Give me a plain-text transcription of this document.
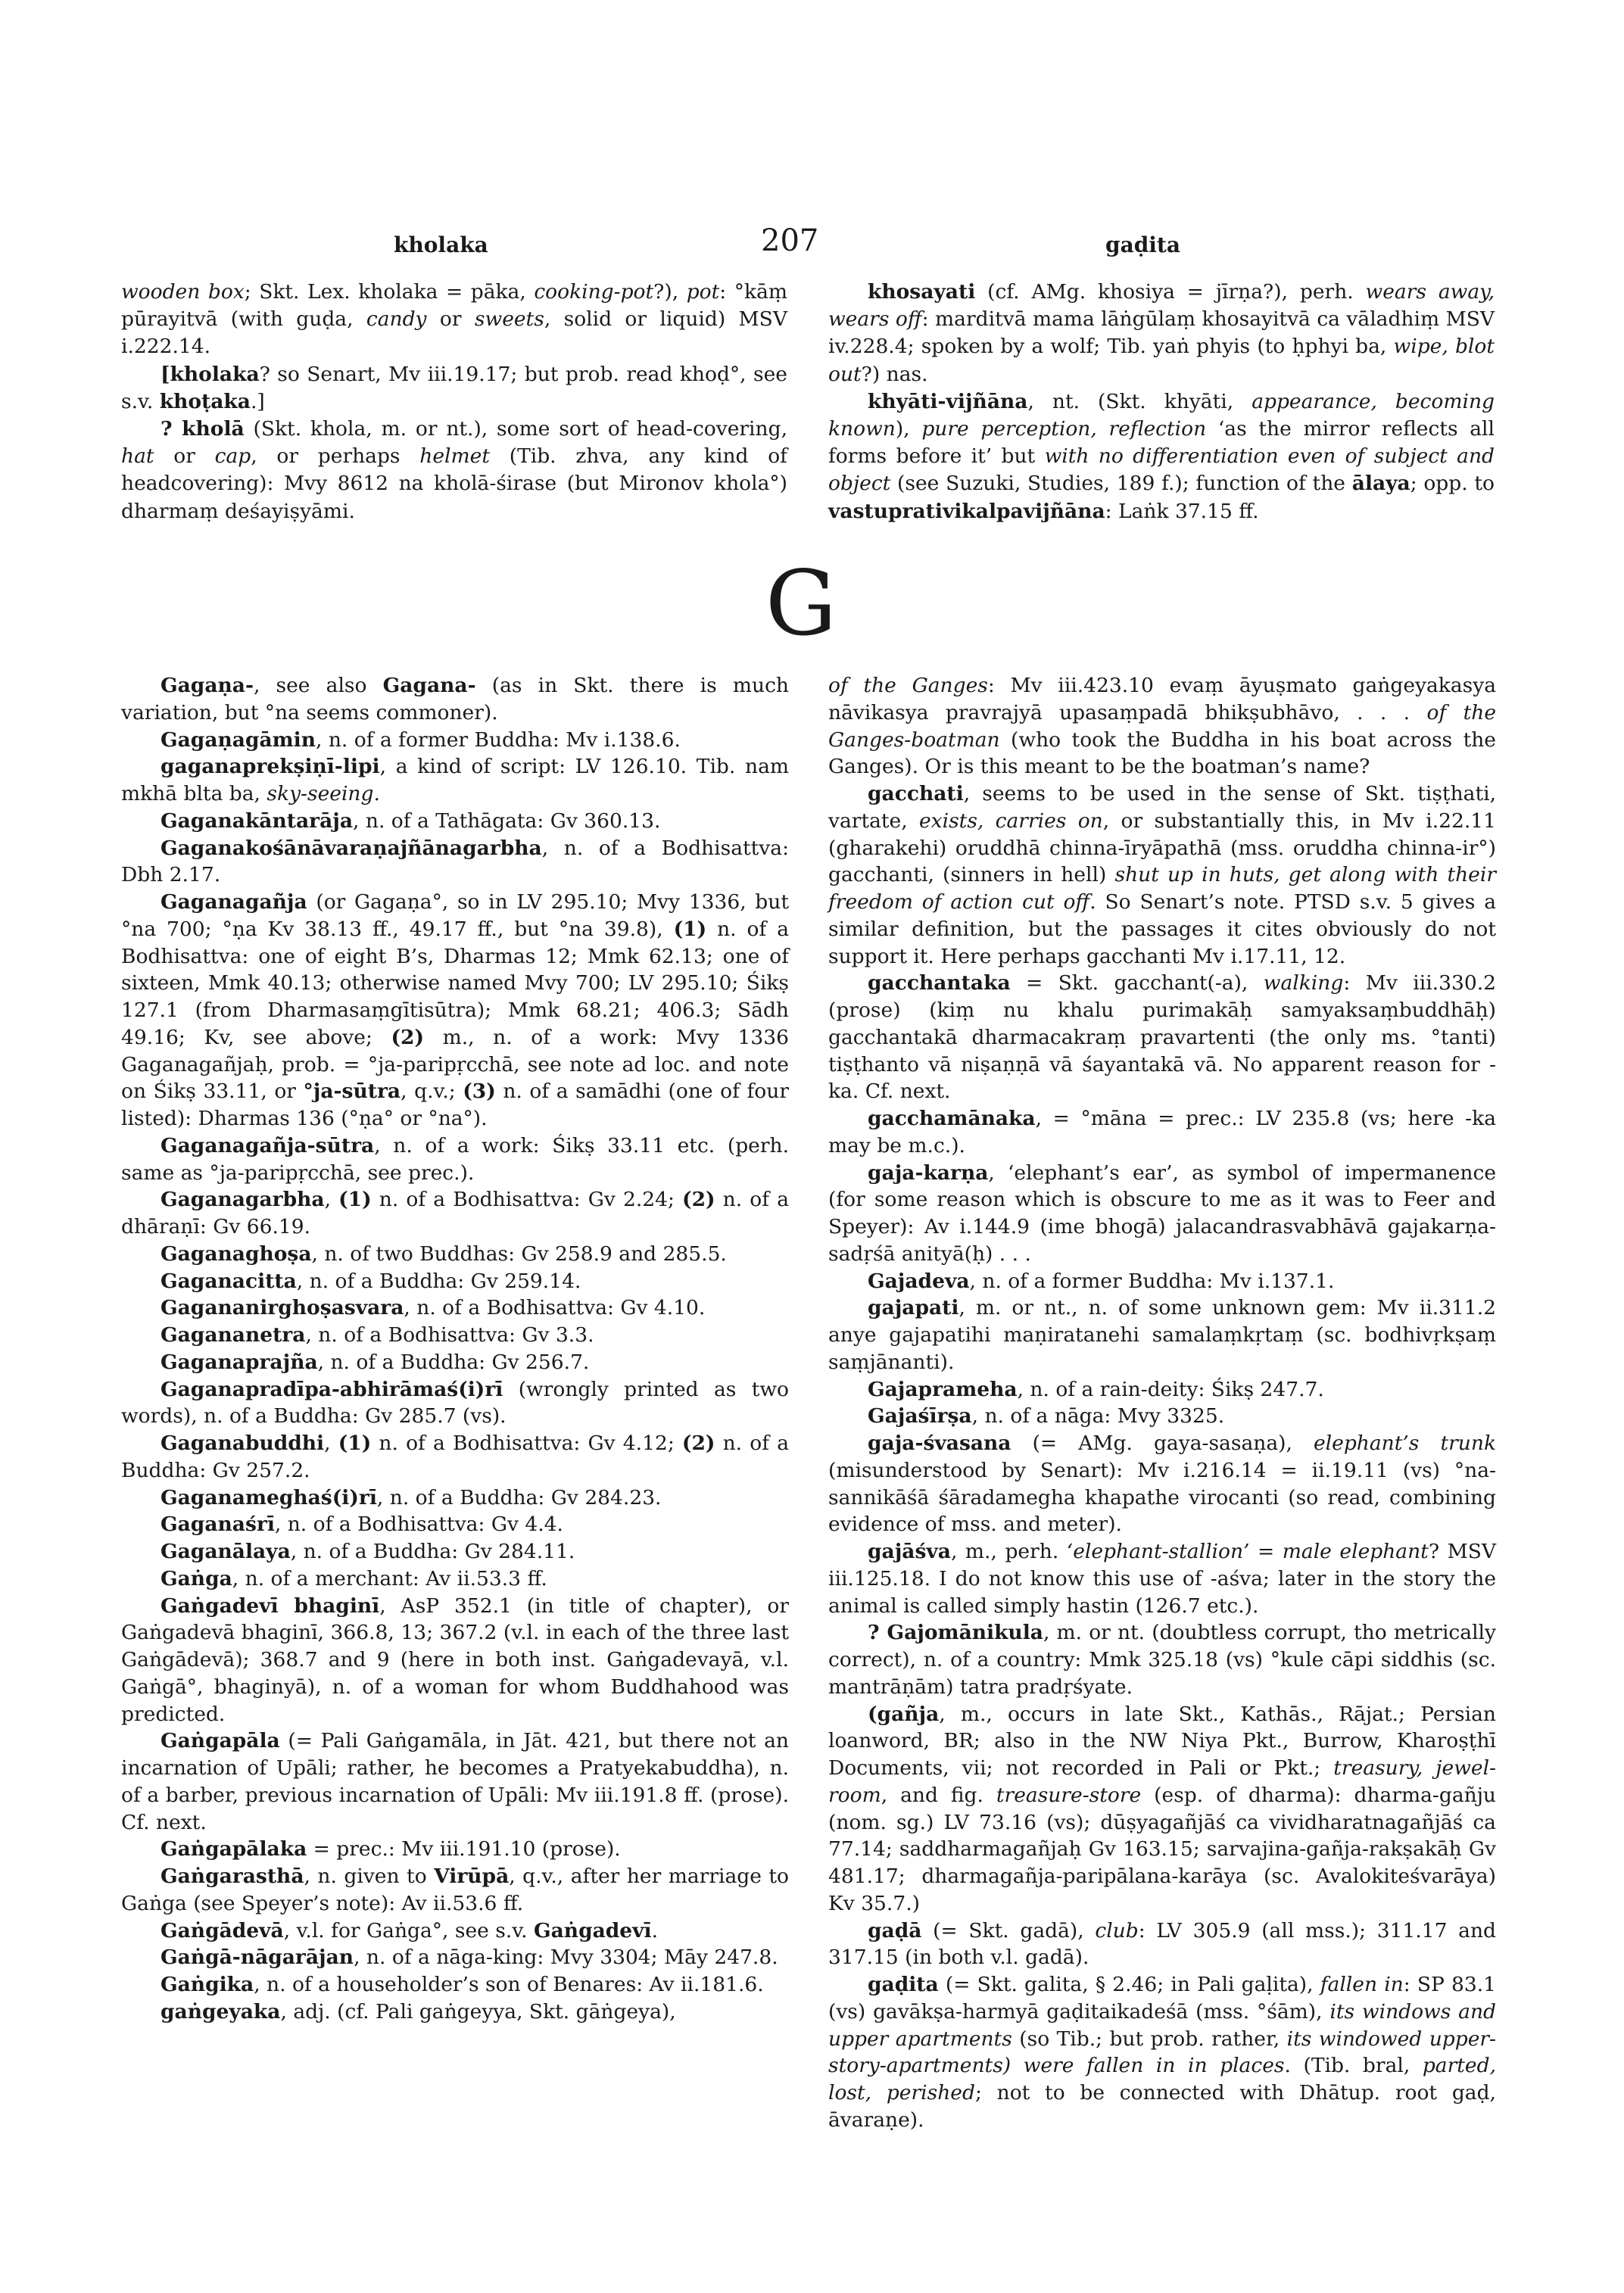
kholaka	207	gaḍita

wooden box; Skt. Lex. kholaka = pāka, cooking-pot?), pot: °kāṃ pūrayitvā (with guḍa, candy or sweets, solid or liquid) MSV i.222.14.

[kholaka? so Senart, Mv iii.19.17; but prob. read khoḍ°, see s.v. khoṭaka.]

? kholā (Skt. khola, m. or nt.), some sort of head-covering, hat or cap, or perhaps helmet (Tib. zhva, any kind of headcovering): Mvy 8612 na kholā-śirase (but Mironov khola°) dharmaṃ deśayiṣyāmi.

khosayati (cf. AMg. khosiya = jīrṇa?), perh. wears away, wears off: marditvā mama lāṅgūlaṃ khosayitvā ca vāladhiṃ MSV iv.228.4; spoken by a wolf; Tib. yaṅ phyis (to ḥphyi ba, wipe, blot out?) nas.

khyāti-vijñāna, nt. (Skt. khyāti, appearance, becoming known), pure perception, reflection ‘as the mirror reflects all forms before it’ but with no differentiation even of subject and object (see Suzuki, Studies, 189 f.); function of the ālaya; opp. to vastuprativikalpavijñāna: Laṅk 37.15 ff.

G

Gagaṇa-, see also Gagana- (as in Skt. there is much variation, but °na seems commoner).

Gagaṇagāmin, n. of a former Buddha: Mv i.138.6.

gaganaprekṣiṇī-lipi, a kind of script: LV 126.10. Tib. nam mkhā blta ba, sky-seeing.

Gaganakāntarāja, n. of a Tathāgata: Gv 360.13.

Gaganakośānāvaraṇajñānagarbha, n. of a Bodhisattva: Dbh 2.17.

Gaganagañja (or Gagaṇa°, so in LV 295.10; Mvy 1336, but °na 700; °ṇa Kv 38.13 ff., 49.17 ff., but °na 39.8), (1) n. of a Bodhisattva: one of eight B’s, Dharmas 12; Mmk 62.13; one of sixteen, Mmk 40.13; otherwise named Mvy 700; LV 295.10; Śikṣ 127.1 (from Dharmasaṃgītisūtra); Mmk 68.21; 406.3; Sādh 49.16; Kv, see above; (2) m., n. of a work: Mvy 1336 Gaganagañjaḥ, prob. = °ja-paripṛcchā, see note ad loc. and note on Śikṣ 33.11, or °ja-sūtra, q.v.; (3) n. of a samādhi (one of four listed): Dharmas 136 (°ṇa° or °na°).

Gaganagañja-sūtra, n. of a work: Śikṣ 33.11 etc. (perh. same as °ja-paripṛcchā, see prec.).

Gaganagarbha, (1) n. of a Bodhisattva: Gv 2.24; (2) n. of a dhāraṇī: Gv 66.19.

Gaganaghoṣa, n. of two Buddhas: Gv 258.9 and 285.5.

Gaganacitta, n. of a Buddha: Gv 259.14.

Gagananirghoṣasvara, n. of a Bodhisattva: Gv 4.10.

Gagananetra, n. of a Bodhisattva: Gv 3.3.

Gaganaprajña, n. of a Buddha: Gv 256.7.

Gaganapradīpa-abhirāmaś(i)rī (wrongly printed as two words), n. of a Buddha: Gv 285.7 (vs).

Gaganabuddhi, (1) n. of a Bodhisattva: Gv 4.12; (2) n. of a Buddha: Gv 257.2.

Gaganameghaś(i)rī, n. of a Buddha: Gv 284.23.

Gaganaśrī, n. of a Bodhisattva: Gv 4.4.

Gaganālaya, n. of a Buddha: Gv 284.11.

Gaṅga, n. of a merchant: Av ii.53.3 ff.

Gaṅgadevī bhaginī, AsP 352.1 (in title of chapter), or Gaṅgadevā bhaginī, 366.8, 13; 367.2 (v.l. in each of the three last Gaṅgādevā); 368.7 and 9 (here in both inst. Gaṅgadevayā, v.l. Gaṅgā°, bhaginyā), n. of a woman for whom Buddhahood was predicted.

Gaṅgapāla (= Pali Gaṅgamāla, in Jāt. 421, but there not an incarnation of Upāli; rather, he becomes a Pratyekabuddha), n. of a barber, previous incarnation of Upāli: Mv iii.191.8 ff. (prose). Cf. next.

Gaṅgapālaka = prec.: Mv iii.191.10 (prose).

Gaṅgarasthā, n. given to Virūpā, q.v., after her marriage to Gaṅga (see Speyer’s note): Av ii.53.6 ff.

Gaṅgādevā, v.l. for Gaṅga°, see s.v. Gaṅgadevī.

Gaṅgā-nāgarājan, n. of a nāga-king: Mvy 3304; Māy 247.8.

Gaṅgika, n. of a householder’s son of Benares: Av ii.181.6.

gaṅgeyaka, adj. (cf. Pali gaṅgeyya, Skt. gāṅgeya),

of the Ganges: Mv iii.423.10 evaṃ āyuṣmato gaṅgeyakasya nāvikasya pravrajyā upasaṃpadā bhikṣubhāvo, . . . of the Ganges-boatman (who took the Buddha in his boat across the Ganges). Or is this meant to be the boatman’s name?

gacchati, seems to be used in the sense of Skt. tiṣṭhati, vartate, exists, carries on, or substantially this, in Mv i.22.11 (gharakehi) oruddhā chinna-īryāpathā (mss. oruddha chinna-ir°) gacchanti, (sinners in hell) shut up in huts, get along with their freedom of action cut off. So Senart’s note. PTSD s.v. 5 gives a similar definition, but the passages it cites obviously do not support it. Here perhaps gacchanti Mv i.17.11, 12.

gacchantaka = Skt. gacchant(-a), walking: Mv iii.330.2 (prose) (kiṃ nu khalu purimakāḥ samyaksaṃbuddhāḥ) gacchantakā dharmacakraṃ pravartenti (the only ms. °tanti) tiṣṭhanto vā niṣaṇṇā vā śayantakā vā. No apparent reason for -ka. Cf. next.

gacchamānaka, = °māna = prec.: LV 235.8 (vs; here -ka may be m.c.).

gaja-karṇa, ‘elephant’s ear’, as symbol of impermanence (for some reason which is obscure to me as it was to Feer and Speyer): Av i.144.9 (ime bhogā) jalacandrasvabhāvā gajakarṇa-sadṛśā anityā(ḥ) . . .

Gajadeva, n. of a former Buddha: Mv i.137.1.

gajapati, m. or nt., n. of some unknown gem: Mv ii.311.2 anye gajapatihi maṇiratanehi samalaṃkṛtaṃ (sc. bodhivṛkṣaṃ saṃjānanti).

Gajaprameha, n. of a rain-deity: Śikṣ 247.7.

Gajaśīrṣa, n. of a nāga: Mvy 3325.

gaja-śvasana (= AMg. gaya-sasaṇa), elephant’s trunk (misunderstood by Senart): Mv i.216.14 = ii.19.11 (vs) °na-sannikāśā śāradamegha khapathe virocanti (so read, combining evidence of mss. and meter).

gajāśva, m., perh. ‘elephant-stallion’ = male elephant? MSV iii.125.18. I do not know this use of -aśva; later in the story the animal is called simply hastin (126.7 etc.).

? Gajomānikula, m. or nt. (doubtless corrupt, tho metrically correct), n. of a country: Mmk 325.18 (vs) °kule cāpi siddhis (sc. mantrāṇām) tatra pradṛśyate.

(gañja, m., occurs in late Skt., Kathās., Rājat.; Persian loanword, BR; also in the NW Niya Pkt., Burrow, Kharoṣṭhī Documents, vii; not recorded in Pali or Pkt.; treasury, jewel-room, and fig. treasure-store (esp. of dharma): dharma-gañju (nom. sg.) LV 73.16 (vs); dūṣyagañjāś ca vividharatnagañjāś ca 77.14; saddharmagañjaḥ Gv 163.15; sarvajina-gañja-rakṣakāḥ Gv 481.17; dharmagañja-paripālana-karāya (sc. Avalokiteśvarāya) Kv 35.7.)

gaḍā (= Skt. gadā), club: LV 305.9 (all mss.); 311.17 and 317.15 (in both v.l. gadā).

gaḍita (= Skt. galita, § 2.46; in Pali gaḷita), fallen in: SP 83.1 (vs) gavākṣa-harmyā gaḍitaikadeśā (mss. °śām), its windows and upper apartments (so Tib.; but prob. rather, its windowed upper-story-apartments) were fallen in in places. (Tib. bral, parted, lost, perished; not to be connected with Dhātup. root gaḍ, āvaraṇe).
